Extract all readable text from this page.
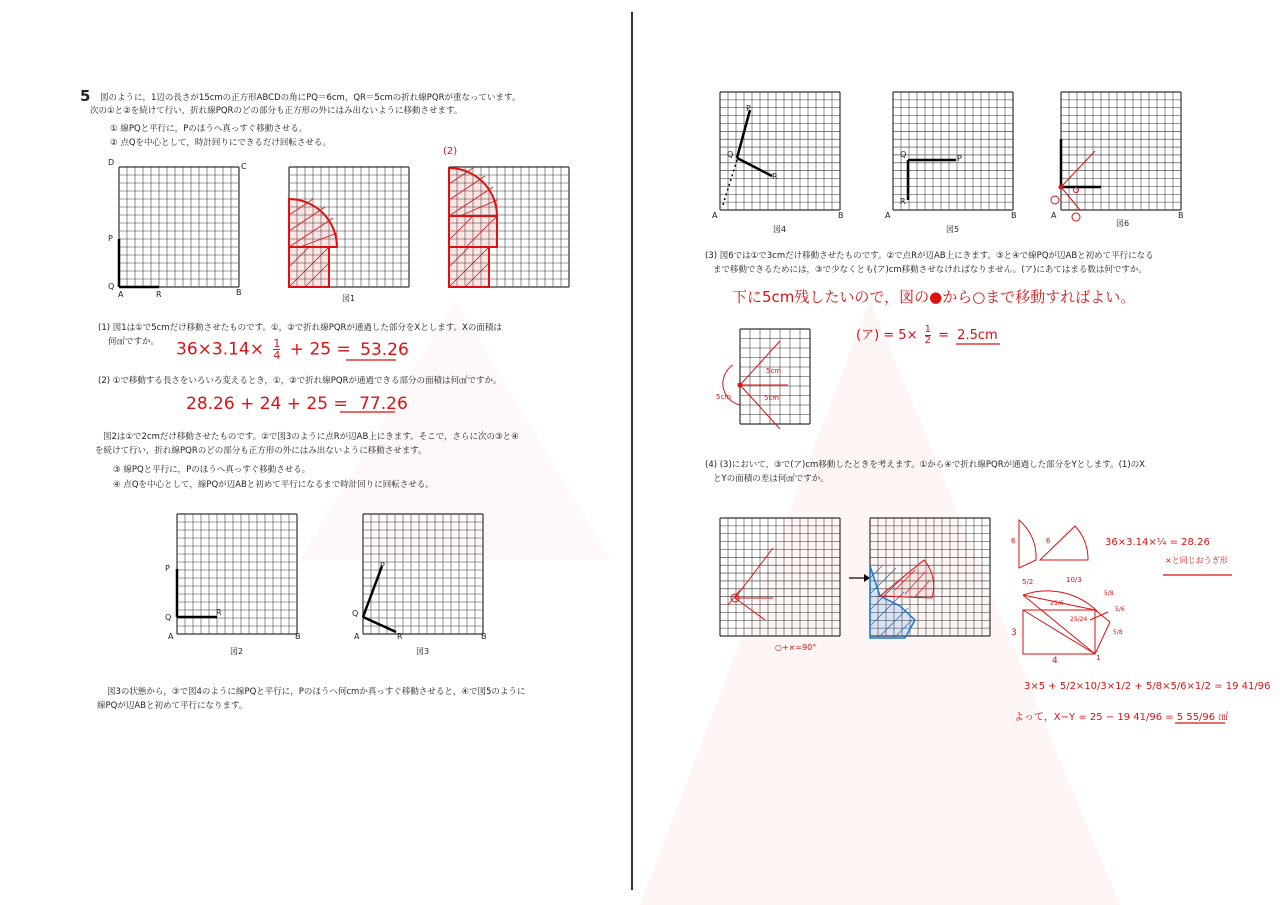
5 図のように，1辺の長さが15cmの正方形ABCDの角にPQ＝6cm，QR＝5cmの折れ線PQRが重なっています。
次の①と②を続けて行い，折れ線PQRのどの部分も正方形の外にはみ出ないように移動させます。
① 線PQと平行に，Pのほうへ真っすぐ移動させる。
② 点Qを中心として，時計回りにできるだけ回転させる。
(1) 図1は①で5cmだけ移動させたものです。①，②で折れ線PQRが通過した部分をXとします。Xの面積は
何㎠ですか。
(2) ①で移動する長さをいろいろ変えるとき，①，②で折れ線PQRが通過できる部分の面積は何㎠ですか。
図2は①で2cmだけ移動させたものです。②で図3のように点Rが辺AB上にきます。そこで，さらに次の③と④
を続けて行い，折れ線PQRのどの部分も正方形の外にはみ出ないように移動させます。
③ 線PQと平行に，Pのほうへ真っすぐ移動させる。
④ 点Qを中心として，線PQが辺ABと初めて平行になるまで時計回りに回転させる。
図3の状態から，③で図4のように線PQと平行に，Pのほうへ何cmか真っすぐ移動させると，④で図5のように
線PQが辺ABと初めて平行になります。
(3) 図6では①で3cmだけ移動させたものです。②で点Rが辺AB上にきます。③と④で線PQが辺ABと初めて平行になる
まで移動できるためには，③で少なくとも(ア)cm移動させなければなりません。(ア)にあてはまる数は何ですか。
(4) (3)において，③で(ア)cm移動したときを考えます。①から④で折れ線PQRが通過した部分をYとします。(1)のX
とYの面積の差は何㎠ですか。
図1
図2	図3
図4	図5
図6
D	C
P
Q
A	R	B
P
Q
R
A	B
P
Q
A	R	B
P
Q
R
A	B
Q	P
R
A	B	A	B
(2)
$36\times 3.14\times \frac{1}{4} + 25 = 53.26$
28.26 + 24 + 25 = 77.26
下に5cm残したいので，図の●から○まで移動すればよい。
(ア) = $5\times \frac{1}{2} = 2.5cm$
5cm
5cm	5cm
○+×=90°
6	6	36×3.14×¼ = 28.26
×と同じおうぎ形
5/2	10/3
25/6
25/24
5/8
5/6
5/8
3
4	1
3×5 + 5/2×10/3×1/2 + 5/8×5/6×1/2 = 19 41/96
よって，X−Y = 25 − 19 41/96 = 5 55/96 ㎠
